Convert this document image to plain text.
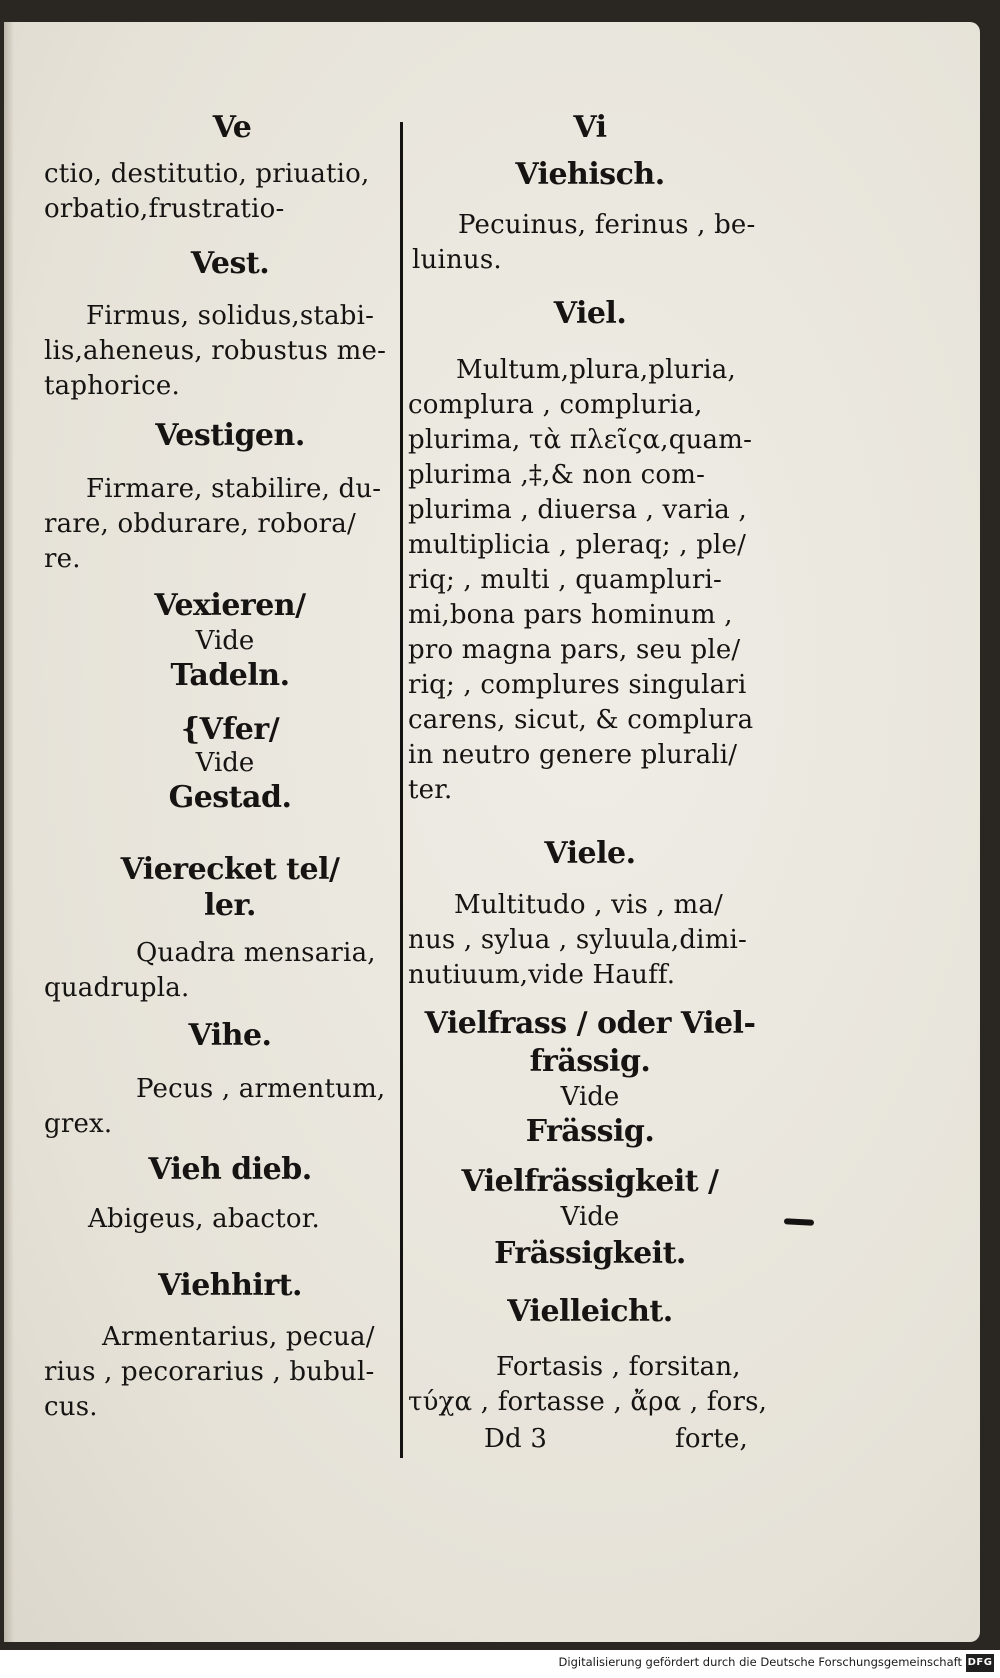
Ve

ctio, destitutio, priuatio,
orbatio,frustratio-

Vest.

Firmus, solidus,stabi-
lis,aheneus, robustus me-
taphorice.

Vestigen.

Firmare, stabilire, du-
rare, obdurare, robora/
re.

Vexieren/

Vide

Tadeln.

{Vfer/

Vide

Gestad.

Vierecket tel/

ler.

Quadra mensaria,
quadrupla.

Vihe.

Pecus , armentum,
grex.

Vieh dieb.

Abigeus, abactor.

Viehhirt.

Armentarius, pecua/
rius , pecorarius , bubul-
cus.

Vi

Viehisch.

Pecuinus, ferinus , be-
luinus.

Viel.

Multum,plura,pluria,
complura , compluria,
plurima, τὰ πλεῖςα,quam-
plurima ,‡,& non com-
plurima , diuersa , varia ,
multiplicia , pleraq; , ple/
riq; , multi , quampluri-
mi,bona pars hominum ,
pro magna pars, seu ple/
riq; , complures singulari
carens, sicut, & complura
in neutro genere plurali/
ter.

Viele.

Multitudo , vis , ma/
nus , sylua , syluula,dimi-
nutiuum,vide Hauff.

Vielfrass / oder Viel-

frässig.

Vide

Frässig.

Vielfrässigkeit /

Vide

Frässigkeit.

Vielleicht.

Fortasis , forsitan,
τύχα , fortasse , ἄρα , fors,

Dd 3	forte,

Digitalisierung gefördert durch die Deutsche Forschungsgemeinschaft DFG
